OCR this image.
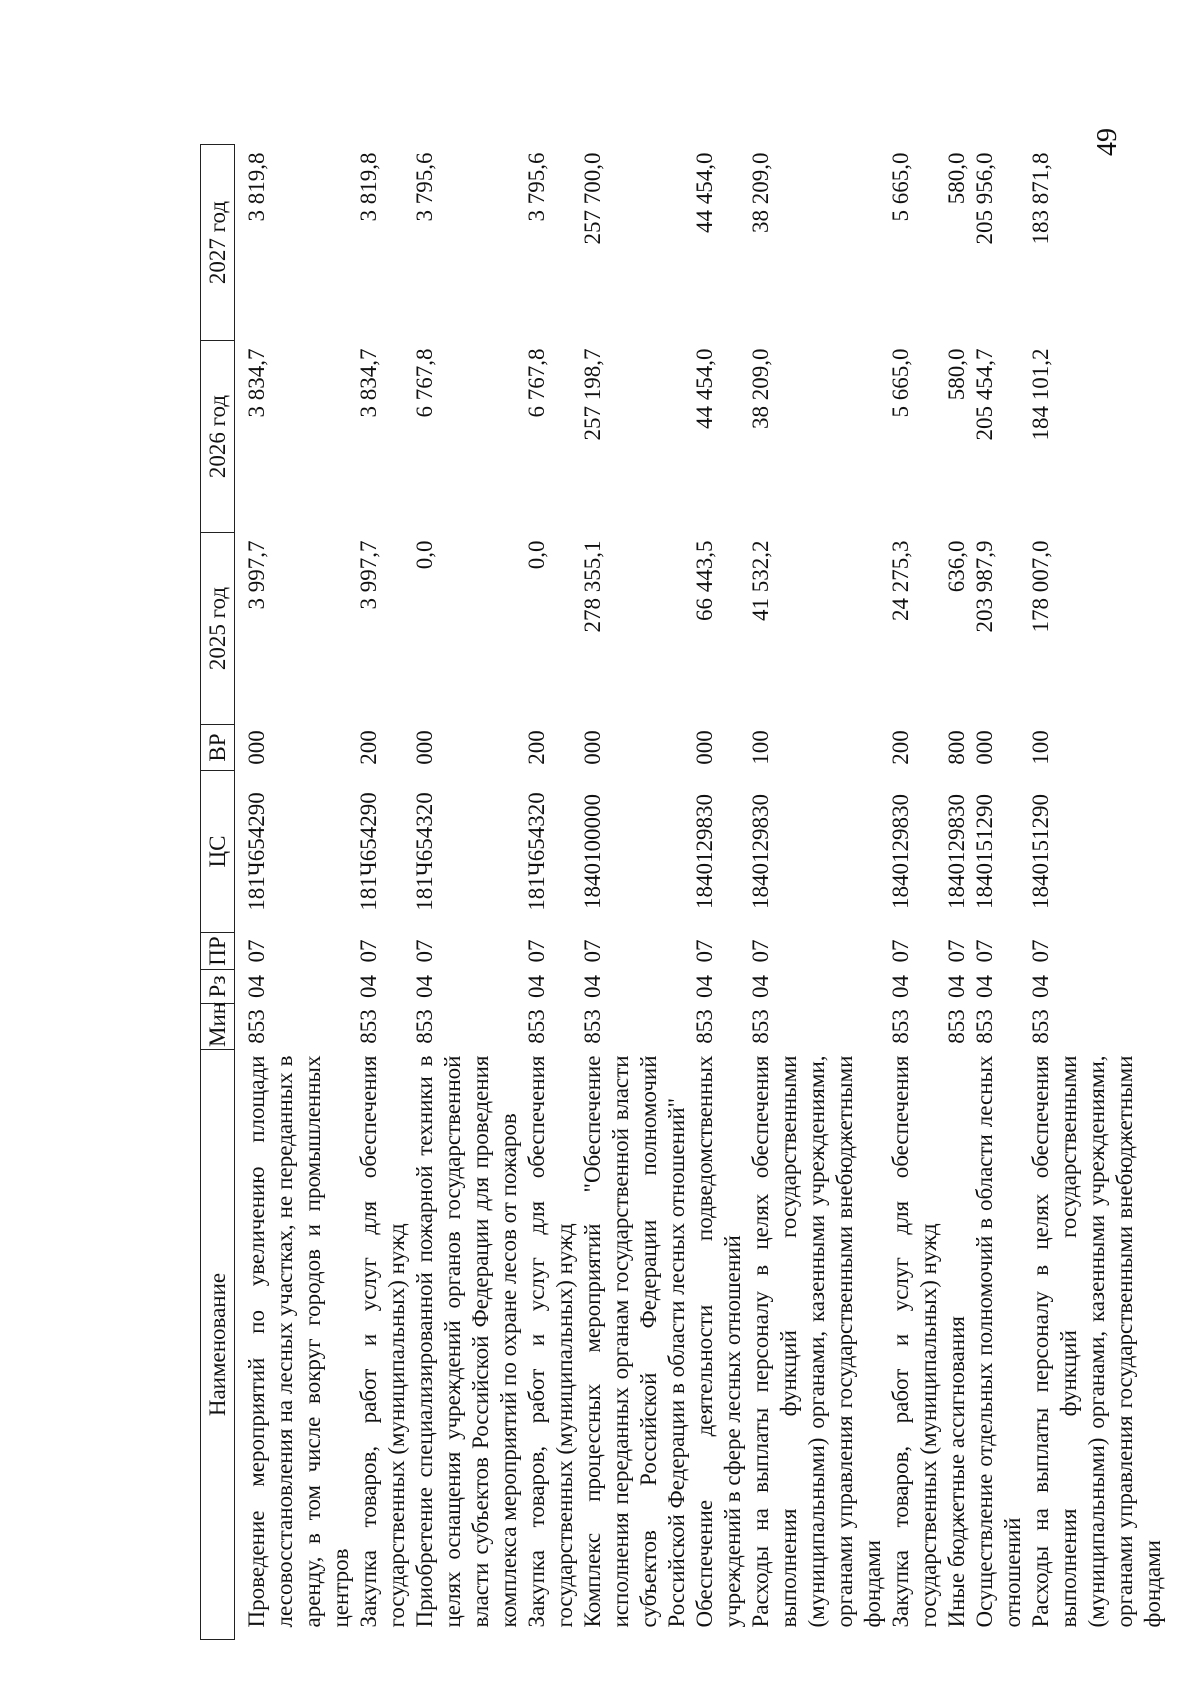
49
Наименование	Мин	Рз	ПР	ЦС	ВР	2025 год	2026 год	2027 год
Проведение мероприятий по увеличению площади лесовосстановления на лесных участках, не переданных в аренду, в том числе вокруг городов и промышленных центров	853	04	07	181Ч654290	000	3 997,7	3 834,7	3 819,8
Закупка товаров, работ и услуг для обеспечения государственных (муниципальных) нужд	853	04	07	181Ч654290	200	3 997,7	3 834,7	3 819,8
Приобретение специализированной пожарной техники в целях оснащения учреждений органов государственной власти субъектов Российской Федерации для проведения комплекса мероприятий по охране лесов от пожаров	853	04	07	181Ч654320	000	0,0	6 767,8	3 795,6
Закупка товаров, работ и услуг для обеспечения государственных (муниципальных) нужд	853	04	07	181Ч654320	200	0,0	6 767,8	3 795,6
Комплекс процессных мероприятий "Обеспечение исполнения переданных органам государственной власти субъектов Российской Федерации полномочий Российской Федерации в области лесных отношений"	853	04	07	1840100000	000	278 355,1	257 198,7	257 700,0
Обеспечение деятельности подведомственных учреждений в сфере лесных отношений	853	04	07	1840129830	000	66 443,5	44 454,0	44 454,0
Расходы на выплаты персоналу в целях обеспечения выполнения функций государственными (муниципальными) органами, казенными учреждениями, органами управления государственными внебюджетными фондами	853	04	07	1840129830	100	41 532,2	38 209,0	38 209,0
Закупка товаров, работ и услуг для обеспечения государственных (муниципальных) нужд	853	04	07	1840129830	200	24 275,3	5 665,0	5 665,0
Иные бюджетные ассигнования	853	04	07	1840129830	800	636,0	580,0	580,0
Осуществление отдельных полномочий в области лесных отношений	853	04	07	1840151290	000	203 987,9	205 454,7	205 956,0
Расходы на выплаты персоналу в целях обеспечения выполнения функций государственными (муниципальными) органами, казенными учреждениями, органами управления государственными внебюджетными фондами	853	04	07	1840151290	100	178 007,0	184 101,2	183 871,8
